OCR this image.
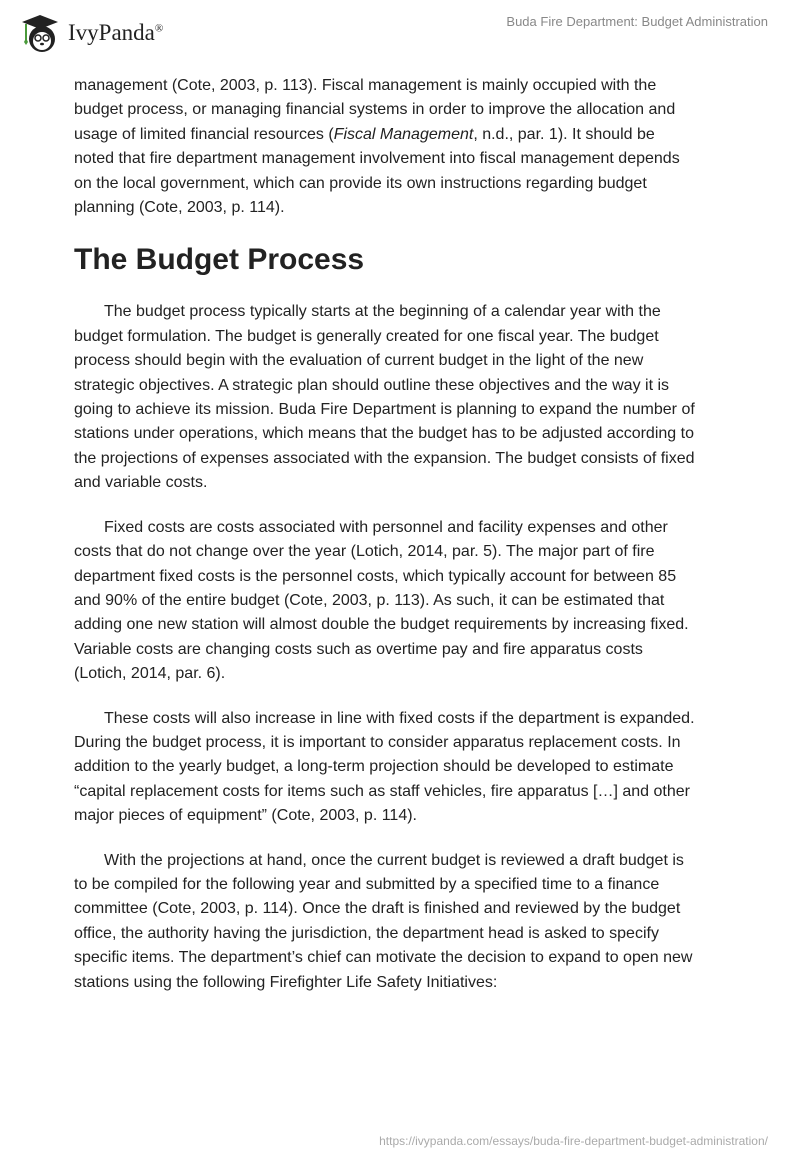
IvyPanda®	Buda Fire Department: Budget Administration

management (Cote, 2003, p. 113). Fiscal management is mainly occupied with the
budget process, or managing financial systems in order to improve the allocation and
usage of limited financial resources (Fiscal Management, n.d., par. 1). It should be
noted that fire department management involvement into fiscal management depends
on the local government, which can provide its own instructions regarding budget
planning (Cote, 2003, p. 114).

The Budget Process

The budget process typically starts at the beginning of a calendar year with the
budget formulation. The budget is generally created for one fiscal year. The budget
process should begin with the evaluation of current budget in the light of the new
strategic objectives. A strategic plan should outline these objectives and the way it is
going to achieve its mission. Buda Fire Department is planning to expand the number of
stations under operations, which means that the budget has to be adjusted according to
the projections of expenses associated with the expansion. The budget consists of fixed
and variable costs.

Fixed costs are costs associated with personnel and facility expenses and other
costs that do not change over the year (Lotich, 2014, par. 5). The major part of fire
department fixed costs is the personnel costs, which typically account for between 85
and 90% of the entire budget (Cote, 2003, p. 113). As such, it can be estimated that
adding one new station will almost double the budget requirements by increasing fixed.
Variable costs are changing costs such as overtime pay and fire apparatus costs
(Lotich, 2014, par. 6).

These costs will also increase in line with fixed costs if the department is expanded.
During the budget process, it is important to consider apparatus replacement costs. In
addition to the yearly budget, a long-term projection should be developed to estimate
“capital replacement costs for items such as staff vehicles, fire apparatus […] and other
major pieces of equipment” (Cote, 2003, p. 114).

With the projections at hand, once the current budget is reviewed a draft budget is
to be compiled for the following year and submitted by a specified time to a finance
committee (Cote, 2003, p. 114). Once the draft is finished and reviewed by the budget
office, the authority having the jurisdiction, the department head is asked to specify
specific items. The department’s chief can motivate the decision to expand to open new
stations using the following Firefighter Life Safety Initiatives:

https://ivypanda.com/essays/buda-fire-department-budget-administration/
